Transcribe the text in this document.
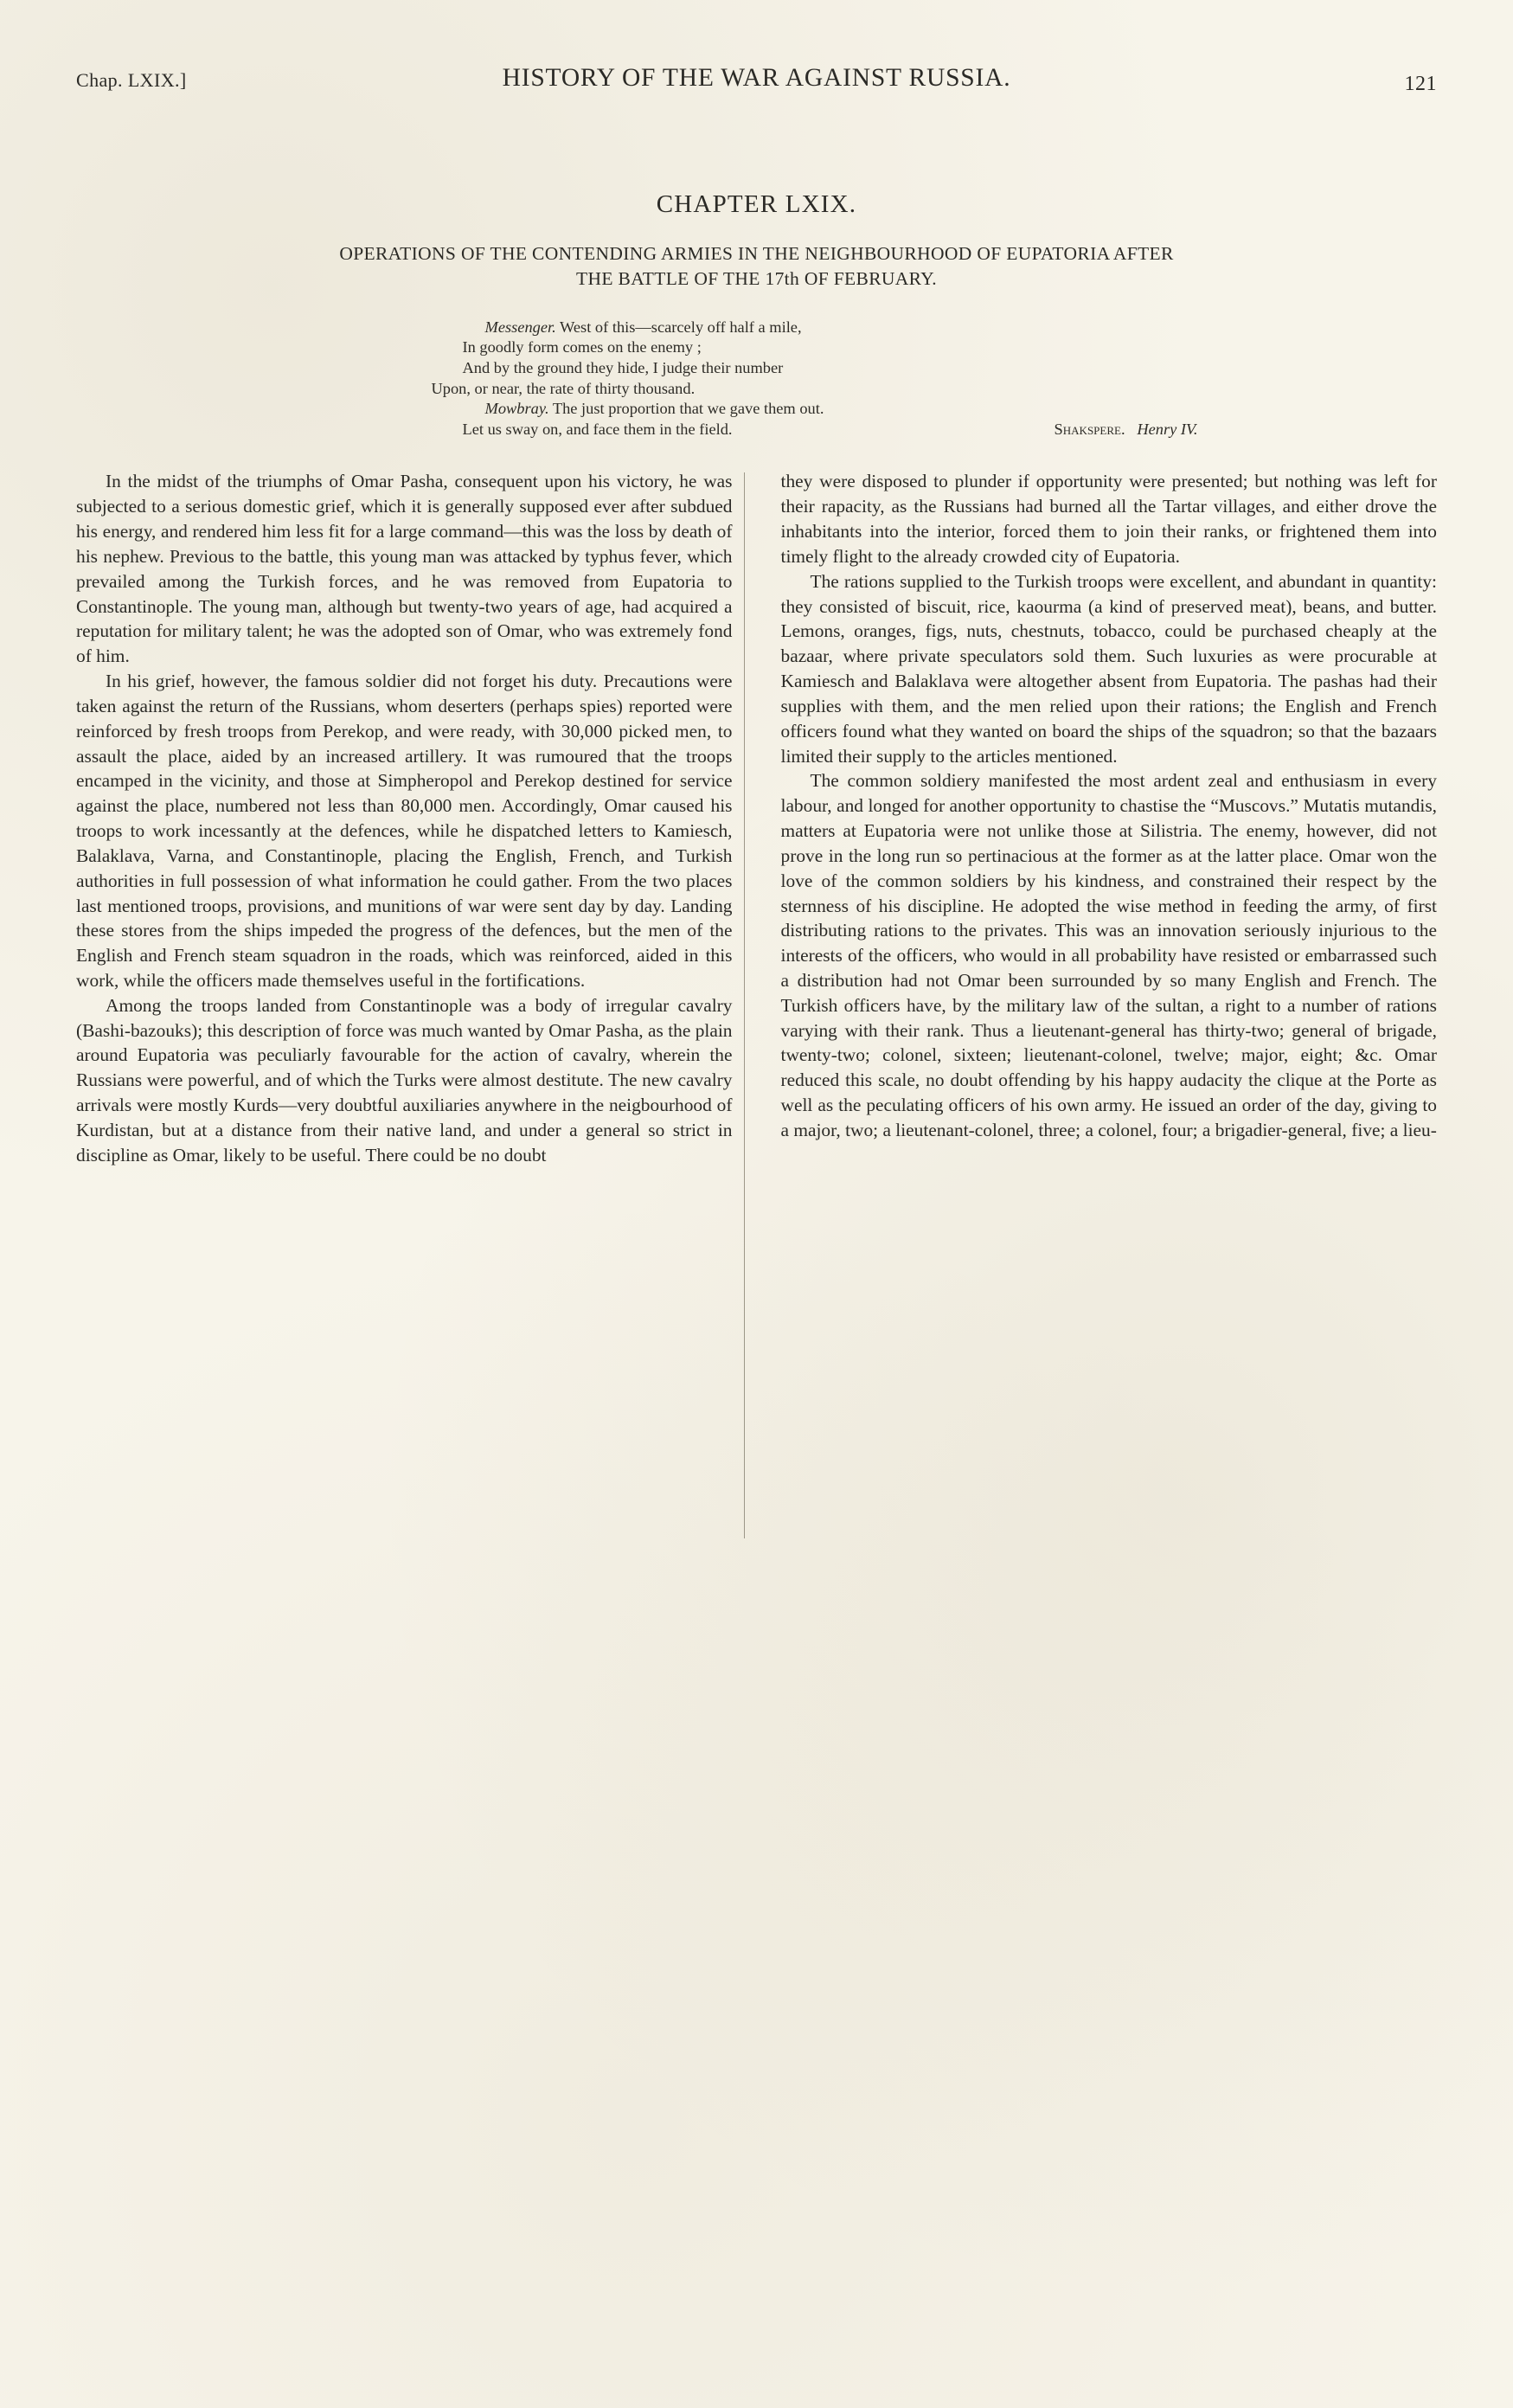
Chap. LXIX.]	HISTORY OF THE WAR AGAINST RUSSIA.	121
CHAPTER LXIX.
OPERATIONS OF THE CONTENDING ARMIES IN THE NEIGHBOURHOOD OF EUPATORIA AFTER
THE BATTLE OF THE 17th OF FEBRUARY.
Messenger. West of this—scarcely off half a mile,
In goodly form comes on the enemy ;
And by the ground they hide, I judge their number
Upon, or near, the rate of thirty thousand.
Mowbray. The just proportion that we gave them out.
Let us sway on, and face them in the field.	Shakspere. Henry IV.

In the midst of the triumphs of Omar Pasha, consequent upon his victory, he was subjected to a serious domestic grief, which it is generally supposed ever after subdued his energy, and rendered him less fit for a large command—this was the loss by death of his nephew. Previous to the battle, this young man was attacked by typhus fever, which prevailed among the Turkish forces, and he was removed from Eupatoria to Constantinople. The young man, although but twenty-two years of age, had acquired a reputation for military talent; he was the adopted son of Omar, who was extremely fond of him.

In his grief, however, the famous soldier did not forget his duty. Precautions were taken against the return of the Russians, whom deserters (perhaps spies) reported were reinforced by fresh troops from Perekop, and were ready, with 30,000 picked men, to assault the place, aided by an increased artillery. It was rumoured that the troops encamped in the vicinity, and those at Simpheropol and Perekop destined for service against the place, numbered not less than 80,000 men. Accordingly, Omar caused his troops to work incessantly at the defences, while he dispatched letters to Kamiesch, Balaklava, Varna, and Constantinople, placing the English, French, and Turkish authorities in full possession of what information he could gather. From the two places last mentioned troops, provisions, and munitions of war were sent day by day. Landing these stores from the ships impeded the progress of the defences, but the men of the English and French steam squadron in the roads, which was reinforced, aided in this work, while the officers made themselves useful in the fortifications.

Among the troops landed from Constantinople was a body of irregular cavalry (Bashi-bazouks); this description of force was much wanted by Omar Pasha, as the plain around Eupatoria was peculiarly favourable for the action of cavalry, wherein the Russians were powerful, and of which the Turks were almost destitute. The new cavalry arrivals were mostly Kurds—very doubtful auxiliaries anywhere in the neigbourhood of Kurdistan, but at a distance from their native land, and under a general so strict in discipline as Omar, likely to be useful. There could be no doubt

they were disposed to plunder if opportunity were presented; but nothing was left for their rapacity, as the Russians had burned all the Tartar villages, and either drove the inhabitants into the interior, forced them to join their ranks, or frightened them into timely flight to the already crowded city of Eupatoria.

The rations supplied to the Turkish troops were excellent, and abundant in quantity: they consisted of biscuit, rice, kaourma (a kind of preserved meat), beans, and butter. Lemons, oranges, figs, nuts, chestnuts, tobacco, could be purchased cheaply at the bazaar, where private speculators sold them. Such luxuries as were procurable at Kamiesch and Balaklava were altogether absent from Eupatoria. The pashas had their supplies with them, and the men relied upon their rations; the English and French officers found what they wanted on board the ships of the squadron; so that the bazaars limited their supply to the articles mentioned.

The common soldiery manifested the most ardent zeal and enthusiasm in every labour, and longed for another opportunity to chastise the “Muscovs.” Mutatis mutandis, matters at Eupatoria were not unlike those at Silistria. The enemy, however, did not prove in the long run so pertinacious at the former as at the latter place. Omar won the love of the common soldiers by his kindness, and constrained their respect by the sternness of his discipline. He adopted the wise method in feeding the army, of first distributing rations to the privates. This was an innovation seriously injurious to the interests of the officers, who would in all probability have resisted or embarrassed such a distribution had not Omar been surrounded by so many English and French. The Turkish officers have, by the military law of the sultan, a right to a number of rations varying with their rank. Thus a lieutenant-general has thirty-two; general of brigade, twenty-two; colonel, sixteen; lieutenant-colonel, twelve; major, eight; &c. Omar reduced this scale, no doubt offending by his happy audacity the clique at the Porte as well as the peculating officers of his own army. He issued an order of the day, giving to a major, two; a lieutenant-colonel, three; a colonel, four; a brigadier-general, five; a lieu-
